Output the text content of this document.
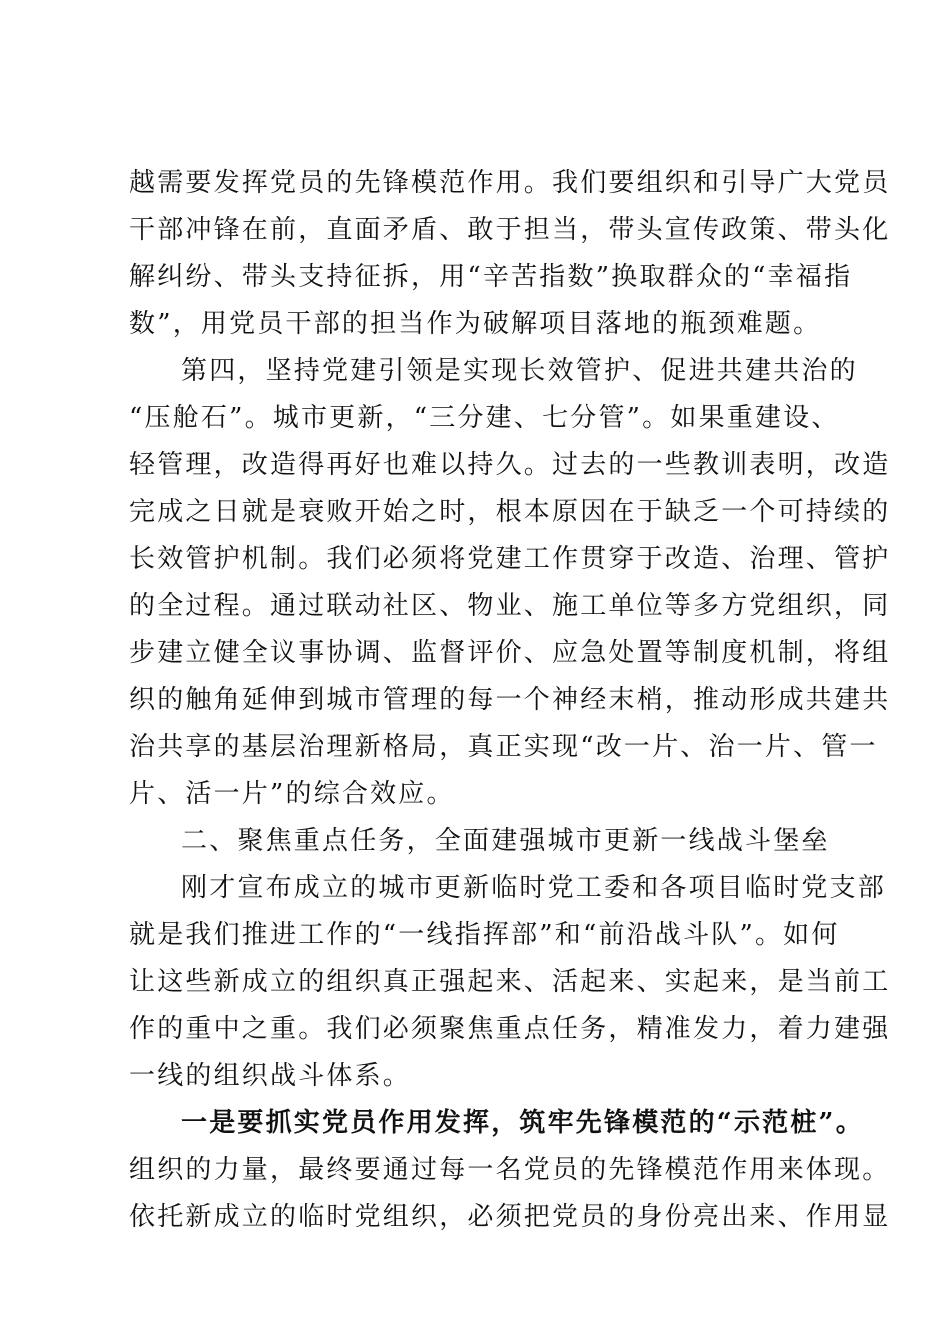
越需要发挥党员的先锋模范作用。我们要组织和引导广大党员
干部冲锋在前，直面矛盾、敢于担当，带头宣传政策、带头化
解纠纷、带头支持征拆，用“辛苦指数”换取群众的“幸福指
数”，用党员干部的担当作为破解项目落地的瓶颈难题。
第四，坚持党建引领是实现长效管护、促进共建共治的
“压舱石”。城市更新，“三分建、七分管”。如果重建设、
轻管理，改造得再好也难以持久。过去的一些教训表明，改造
完成之日就是衰败开始之时，根本原因在于缺乏一个可持续的
长效管护机制。我们必须将党建工作贯穿于改造、治理、管护
的全过程。通过联动社区、物业、施工单位等多方党组织，同
步建立健全议事协调、监督评价、应急处置等制度机制，将组
织的触角延伸到城市管理的每一个神经末梢，推动形成共建共
治共享的基层治理新格局，真正实现“改一片、治一片、管一
片、活一片”的综合效应。
二、聚焦重点任务，全面建强城市更新一线战斗堡垒
刚才宣布成立的城市更新临时党工委和各项目临时党支部
就是我们推进工作的“一线指挥部”和“前沿战斗队”。如何
让这些新成立的组织真正强起来、活起来、实起来，是当前工
作的重中之重。我们必须聚焦重点任务，精准发力，着力建强
一线的组织战斗体系。
一是要抓实党员作用发挥，筑牢先锋模范的“示范桩”。
组织的力量，最终要通过每一名党员的先锋模范作用来体现。
依托新成立的临时党组织，必须把党员的身份亮出来、作用显
